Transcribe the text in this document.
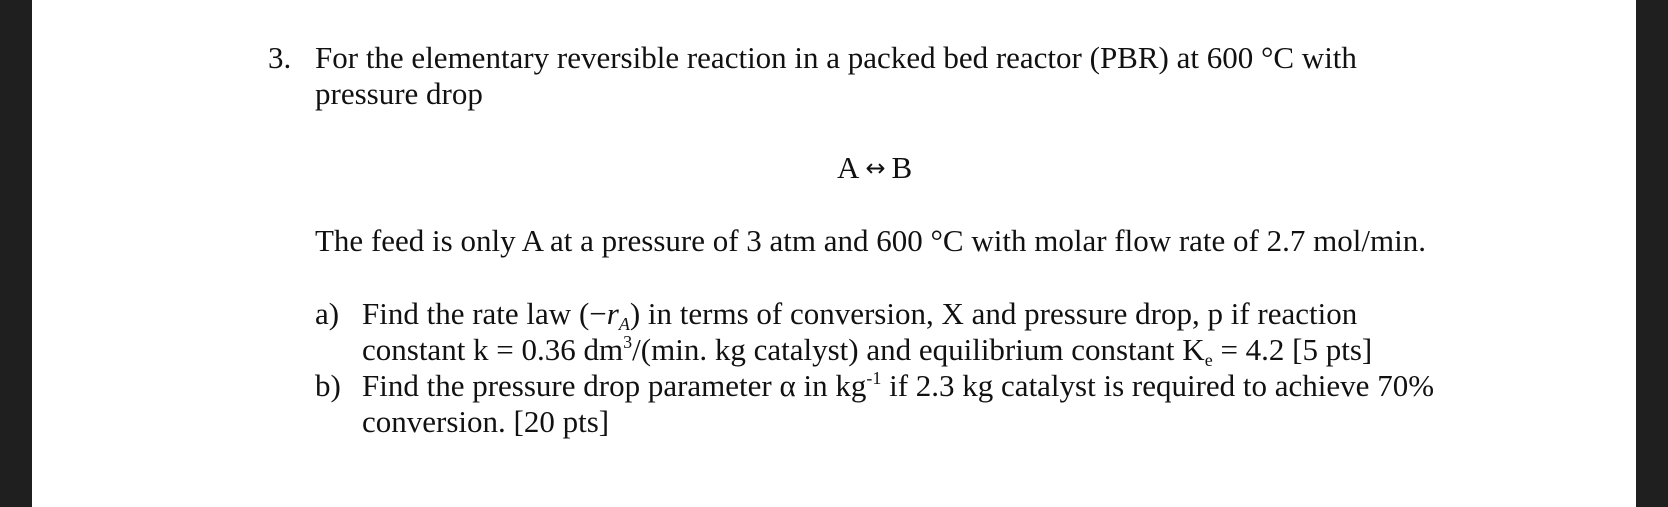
3. For the elementary reversible reaction in a packed bed reactor (PBR) at 600 °C with pressure drop
A ↔ B
The feed is only A at a pressure of 3 atm and 600 °C with molar flow rate of 2.7 mol/min.
a) Find the rate law $(-r_A)$ in terms of conversion, X and pressure drop, p if reaction constant k = 0.36 $dm^3/(\min$. kg catalyst) and equilibrium constant $K_e = 4.2$ [5 pts]
b) Find the pressure drop parameter α in $kg^{-1}$ if 2.3 kg catalyst is required to achieve 70% conversion. [20 pts]
